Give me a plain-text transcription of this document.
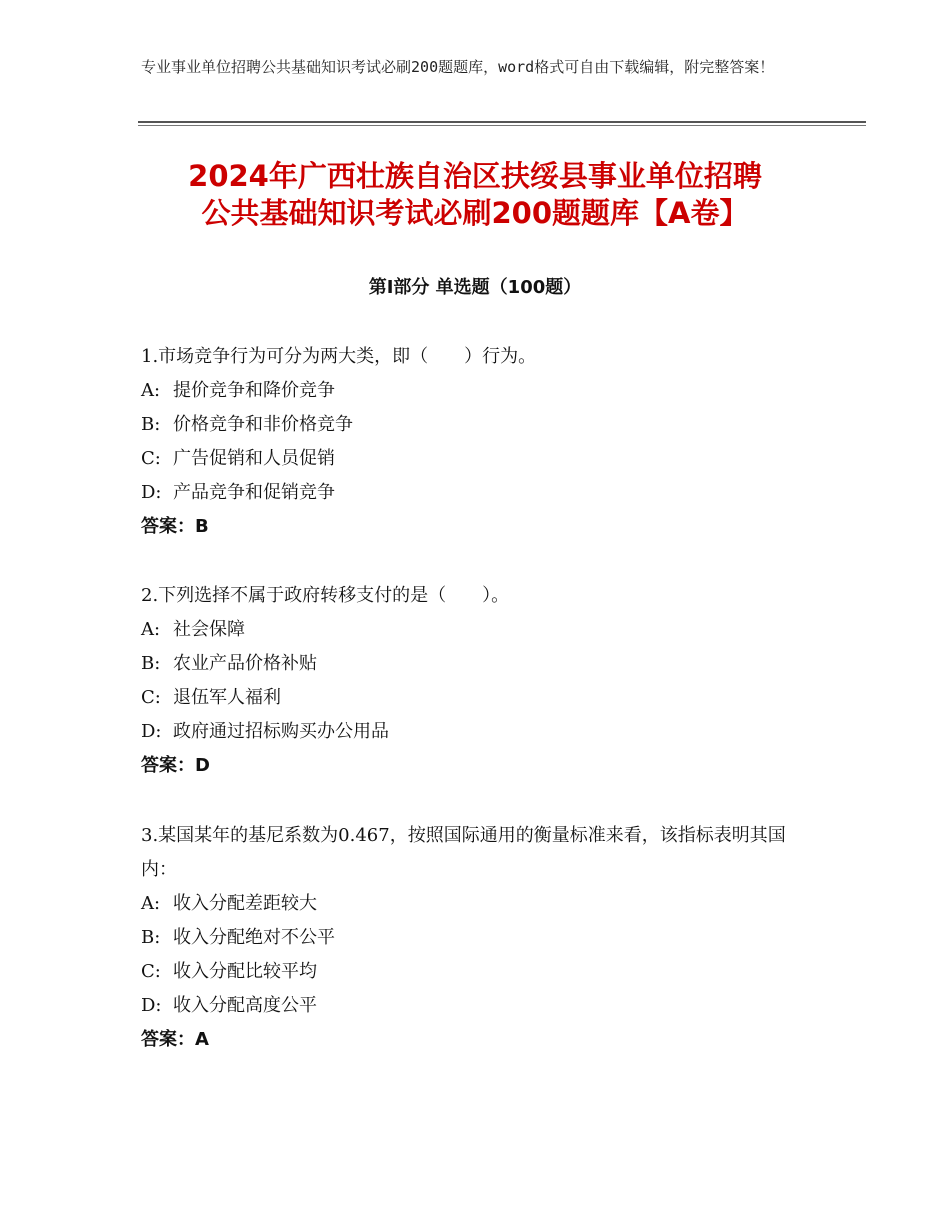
专业事业单位招聘公共基础知识考试必刷200题题库，word格式可自由下载编辑，附完整答案！
2024年广西壮族自治区扶绥县事业单位招聘
公共基础知识考试必刷200题题库【A卷】
第Ⅰ部分 单选题（100题）

1.市场竞争行为可分为两大类，即（　　）行为。

A: 提价竞争和降价竞争

B: 价格竞争和非价格竞争

C: 广告促销和人员促销

D: 产品竞争和促销竞争

答案：B

2.下列选择不属于政府转移支付的是（　　）。

A: 社会保障

B: 农业产品价格补贴

C: 退伍军人福利

D: 政府通过招标购买办公用品

答案：D

3.某国某年的基尼系数为0.467，按照国际通用的衡量标准来看，该指标表明其国内：

A: 收入分配差距较大

B: 收入分配绝对不公平

C: 收入分配比较平均

D: 收入分配高度公平

答案：A
